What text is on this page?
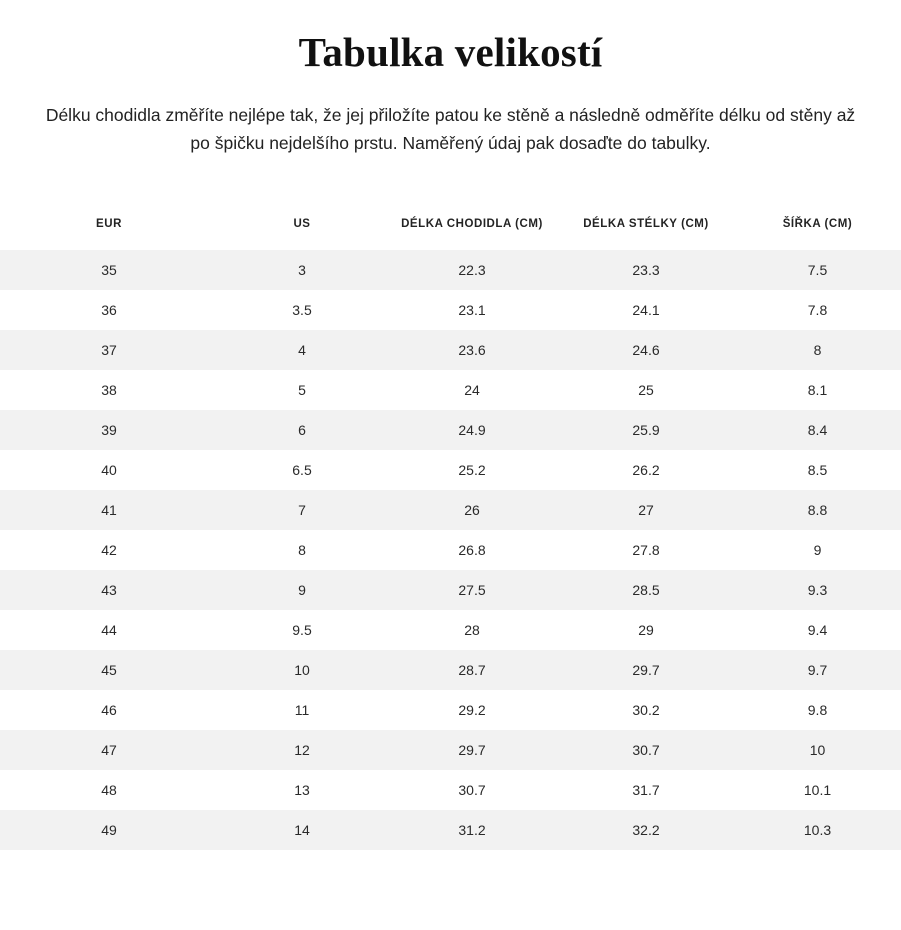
Tabulka velikostí

Délku chodidla změříte nejlépe tak, že jej přiložíte patou ke stěně a následně odměříte délku od stěny až po špičku nejdelšího prstu. Naměřený údaj pak dosaďte do tabulky.

EUR	US	DÉLKA CHODIDLA (CM)	DÉLKA STÉLKY (CM)	ŠÍŘKA (CM)
35	3	22.3	23.3	7.5
36	3.5	23.1	24.1	7.8
37	4	23.6	24.6	8
38	5	24	25	8.1
39	6	24.9	25.9	8.4
40	6.5	25.2	26.2	8.5
41	7	26	27	8.8
42	8	26.8	27.8	9
43	9	27.5	28.5	9.3
44	9.5	28	29	9.4
45	10	28.7	29.7	9.7
46	11	29.2	30.2	9.8
47	12	29.7	30.7	10
48	13	30.7	31.7	10.1
49	14	31.2	32.2	10.3
